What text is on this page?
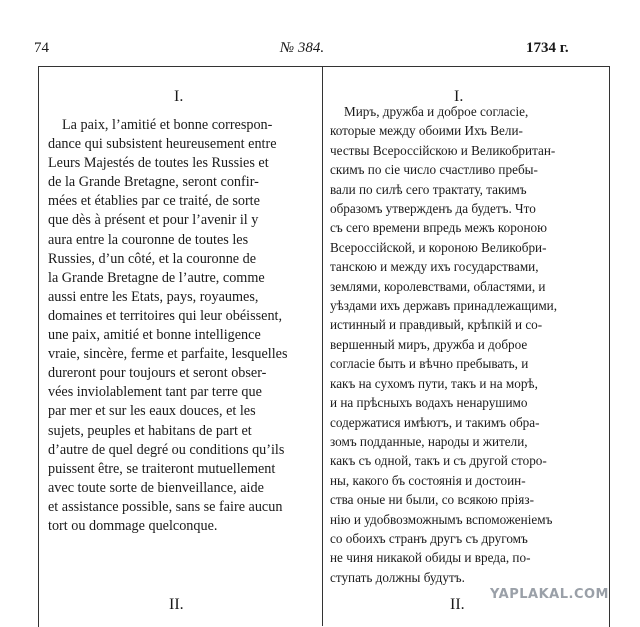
74	№ 384.	1734 г.
I.	I.
La paix, l’amitié et bonne correspon-
dance qui subsistent heureusement entre
Leurs Majestés de toutes les Russies et
de la Grande Bretagne, seront confir-
mées et établies par ce traité, de sorte
que dès à présent et pour l’avenir il y
aura entre la couronne de toutes les
Russies, d’un côté, et la couronne de
la Grande Bretagne de l’autre, comme
aussi entre les Etats, pays, royaumes,
domaines et territoires qui leur obéissent,
une paix, amitié et bonne intelligence
vraie, sincère, ferme et parfaite, lesquelles
dureront pour toujours et seront obser-
vées inviolablement tant par terre que
par mer et sur les eaux douces, et les
sujets, peuples et habitans de part et
d’autre de quel degré ou conditions qu’ils
puissent être, se traiteront mutuellement
avec toute sorte de bienveillance, aide
et assistance possible, sans se faire aucun
tort ou dommage quelconque.
Миръ, дружба и доброе согласіе,
которые между обоими Ихъ Вели-
чествы Всероссійскою и Великобритан-
скимъ по сіе число счастливо пребы-
вали по силѣ сего трактату, такимъ
образомъ утвержденъ да будетъ. Что
съ сего времени впредь межъ короною
Всероссійской, и короною Великобри-
танскою и между ихъ государствами,
землями, королевствами, областями, и
уѣздами ихъ державъ принадлежащими,
истинный и правдивый, крѣпкій и со-
вершенный миръ, дружба и доброе
согласіе быть и вѣчно пребывать, и
какъ на сухомъ пути, такъ и на морѣ,
и на прѣсныхъ водахъ ненарушимо
содержатися имѣютъ, и такимъ обра-
зомъ подданные, народы и жители,
какъ съ одной, такъ и съ другой сторо-
ны, какого бъ состоянія и достоин-
ства оные ни были, со всякою пріяз-
нію и удобвозможнымъ вспоможеніемъ
со обоихъ странъ другъ съ другомъ
не чиня никакой обиды и вреда, по-
ступать должны будутъ.
II.	II.
YAPLAKAL.COM
